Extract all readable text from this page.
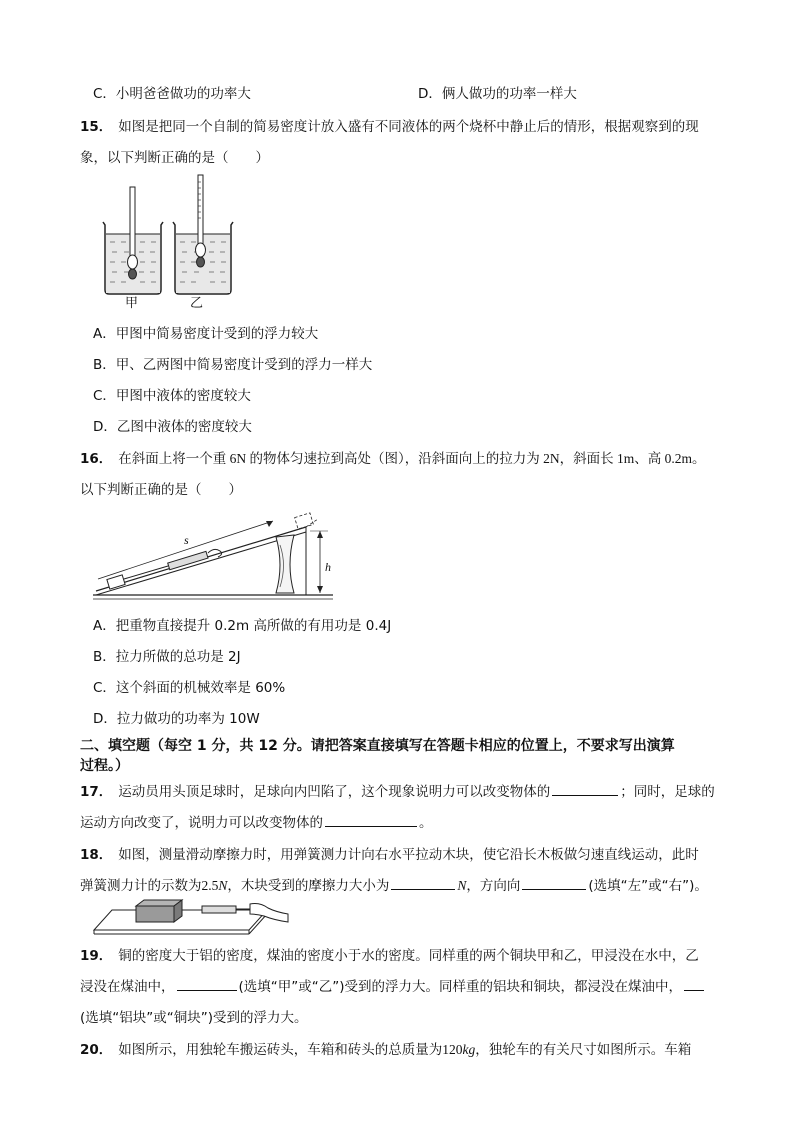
C．小明爸爸做功的功率大	D．俩人做功的功率一样大
15． 如图是把同一个自制的简易密度计放入盛有不同液体的两个烧杯中静止后的情形，根据观察到的现
象，以下判断正确的是（　　）
甲	乙
A．甲图中简易密度计受到的浮力较大
B．甲、乙两图中简易密度计受到的浮力一样大
C．甲图中液体的密度较大
D．乙图中液体的密度较大
16． 在斜面上将一个重 6N 的物体匀速拉到高处（图），沿斜面向上的拉力为 2N，斜面长 1m、高 0.2m。
以下判断正确的是（　　）
s
h
A．把重物直接提升 0.2m 高所做的有用功是 0.4J
B．拉力所做的总功是 2J
C．这个斜面的机械效率是 60%
D．拉力做功的功率为 10W
二、填空题（每空 1 分，共 12 分。请把答案直接填写在答题卡相应的位置上，不要求写出演算
过程。）
17． 运动员用头顶足球时，足球向内凹陷了，这个现象说明力可以改变物体的	；同时，足球的
运动方向改变了，说明力可以改变物体的	。
18． 如图，测量滑动摩擦力时，用弹簧测力计向右水平拉动木块，使它沿长木板做匀速直线运动，此时
弹簧测力计的示数为2.5N，木块受到的摩擦力大小为	N，方向向	(选填“左”或“右”)。
19． 铜的密度大于铝的密度，煤油的密度小于水的密度。同样重的两个铜块甲和乙，甲浸没在水中，乙
浸没在煤油中，	(选填“甲”或“乙”)受到的浮力大。同样重的铝块和铜块，都浸没在煤油中，
(选填“铝块”或“铜块”)受到的浮力大。
20． 如图所示，用独轮车搬运砖头，车箱和砖头的总质量为120kg，独轮车的有关尺寸如图所示。车箱
